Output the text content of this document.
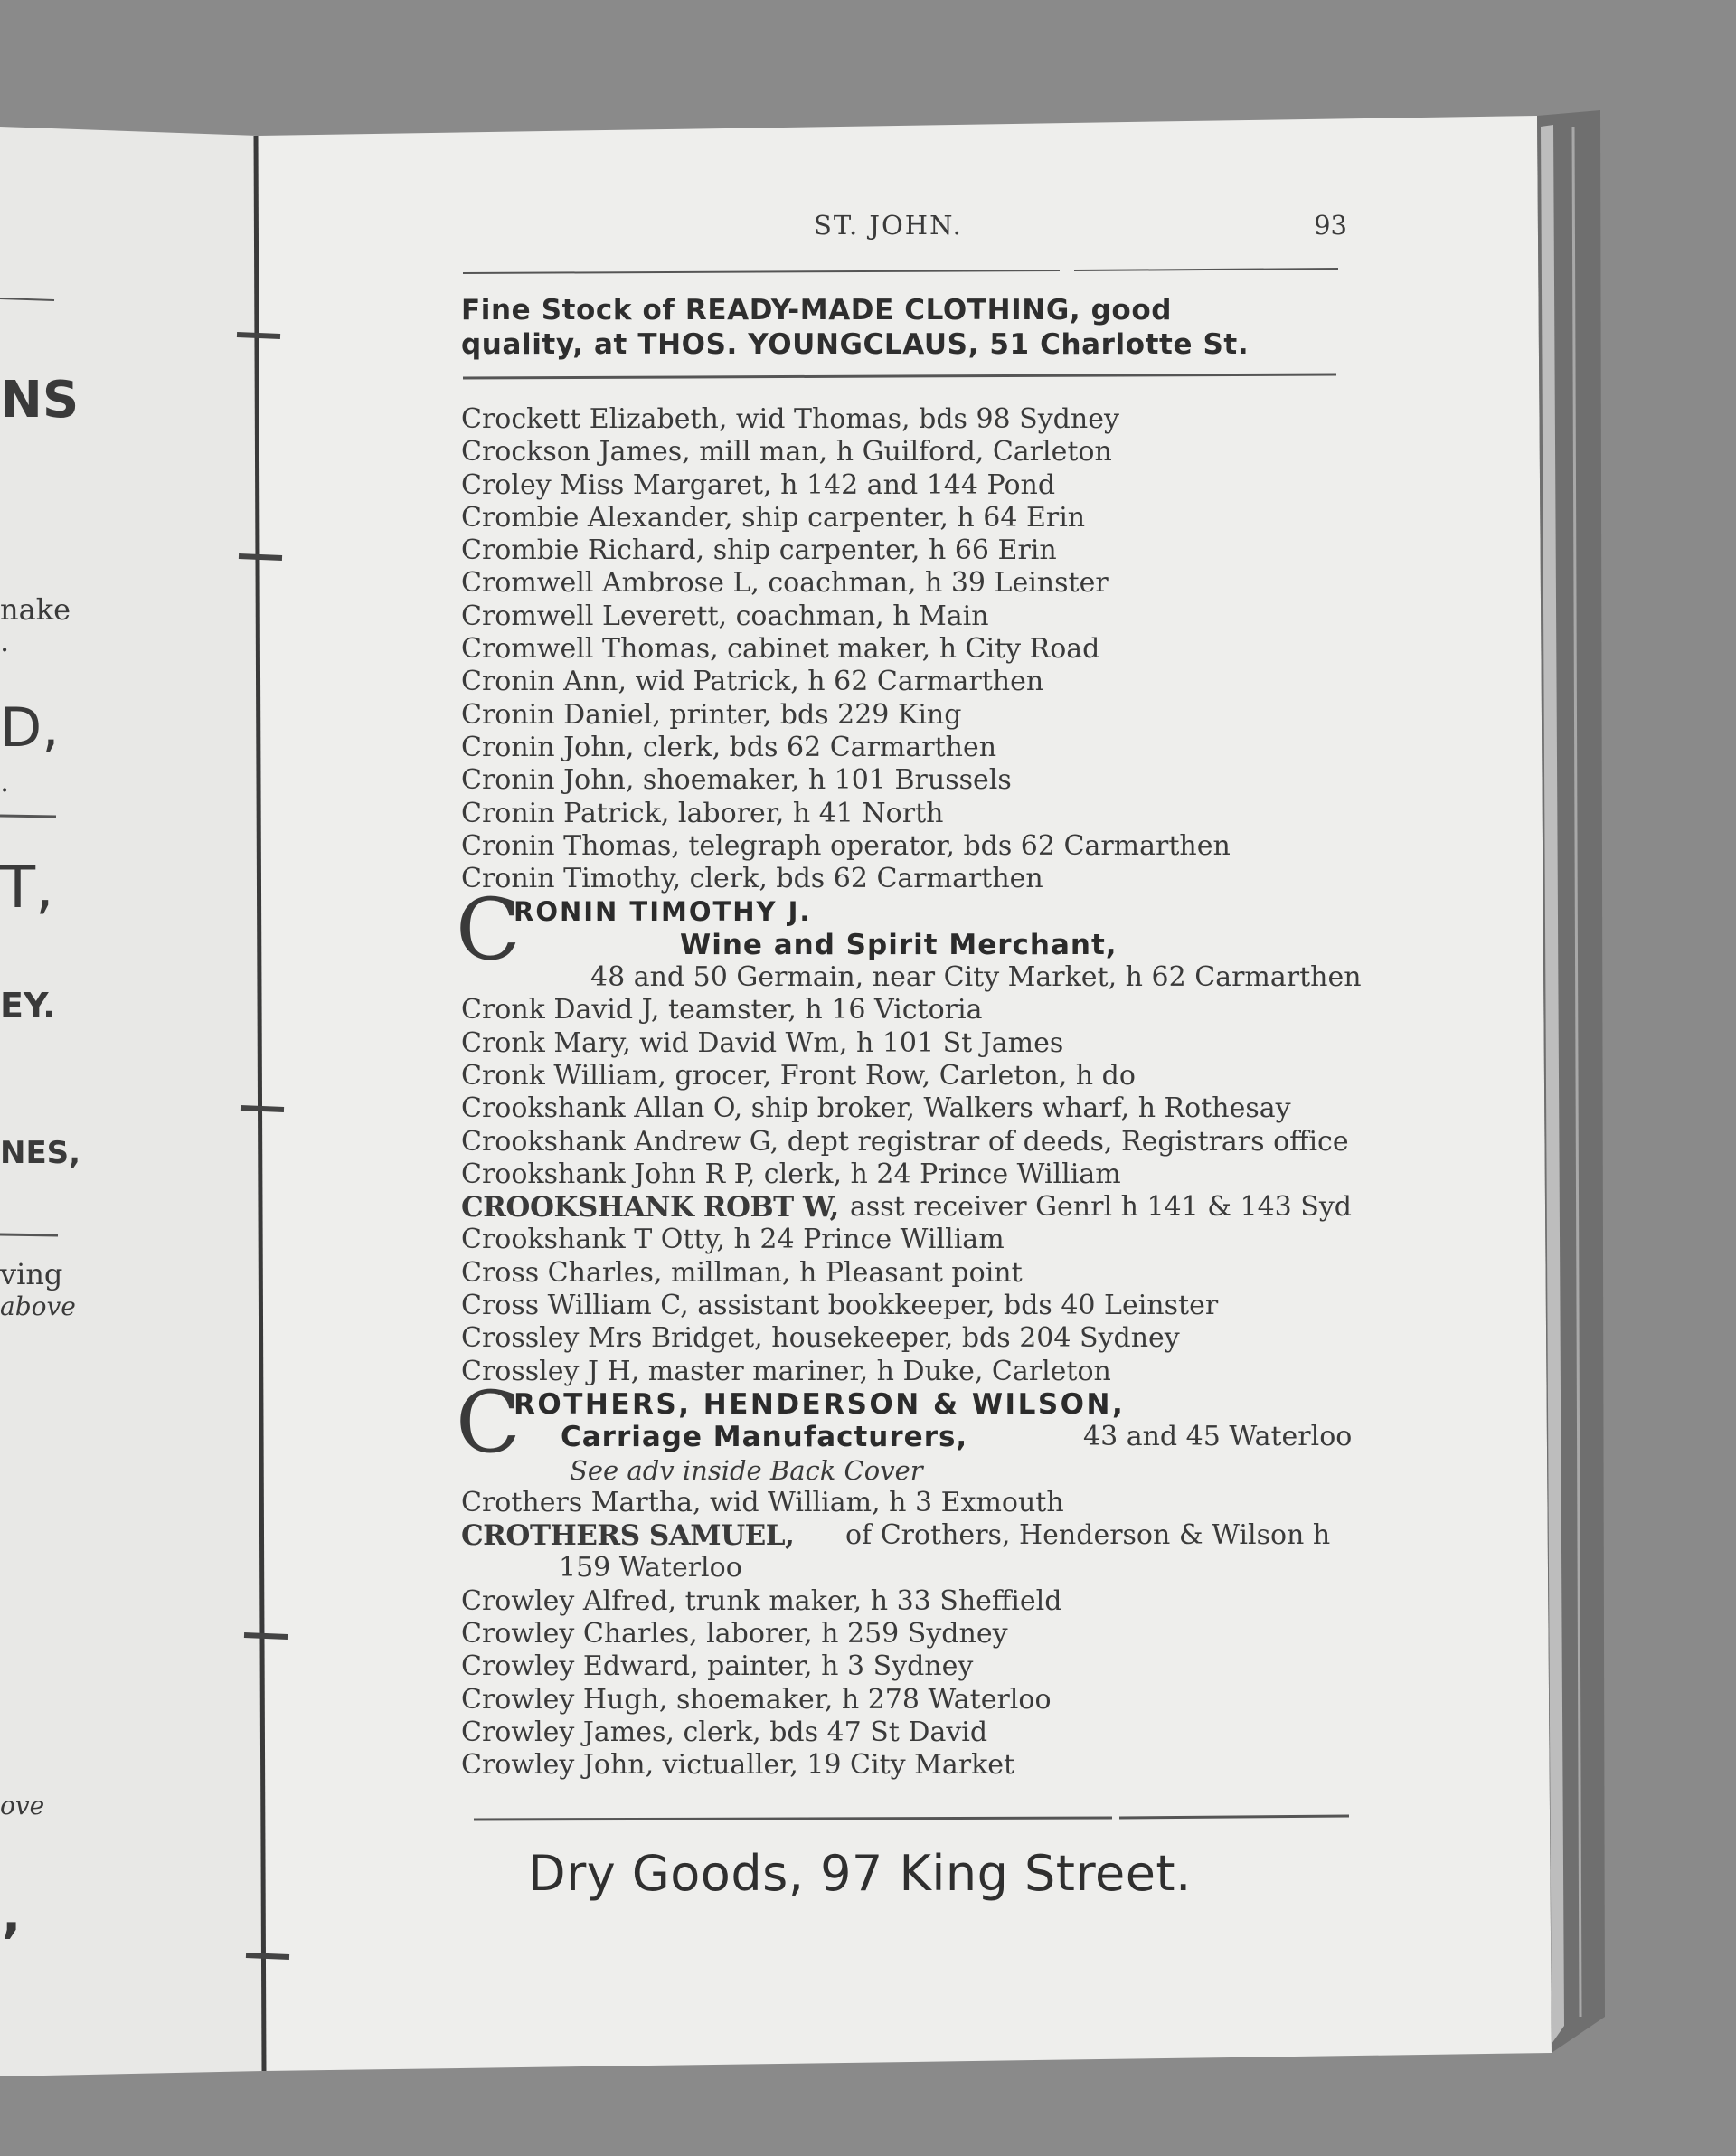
NS
nake
.
D,
.
T,
EY.
NES,
ving
above
ove
,
ST. JOHN.	93
Fine Stock of READY-MADE CLOTHING, good
quality, at THOS. YOUNGCLAUS, 51 Charlotte St.
Crockett Elizabeth, wid Thomas, bds 98 Sydney
Crockson James, mill man, h Guilford, Carleton
Croley Miss Margaret, h 142 and 144 Pond
Crombie Alexander, ship carpenter, h 64 Erin
Crombie Richard, ship carpenter, h 66 Erin
Cromwell Ambrose L, coachman, h 39 Leinster
Cromwell Leverett, coachman, h Main
Cromwell Thomas, cabinet maker, h City Road
Cronin Ann, wid Patrick, h 62 Carmarthen
Cronin Daniel, printer, bds 229 King
Cronin John, clerk, bds 62 Carmarthen
Cronin John, shoemaker, h 101 Brussels
Cronin Patrick, laborer, h 41 North
Cronin Thomas, telegraph operator, bds 62 Carmarthen
Cronin Timothy, clerk, bds 62 Carmarthen
C
RONIN TIMOTHY J.
Wine and Spirit Merchant,
48 and 50 Germain, near City Market, h 62 Carmarthen
Cronk David J, teamster, h 16 Victoria
Cronk Mary, wid David Wm, h 101 St James
Cronk William, grocer, Front Row, Carleton, h do
Crookshank Allan O, ship broker, Walkers wharf, h Rothesay
Crookshank Andrew G, dept registrar of deeds, Registrars office
Crookshank John R P, clerk, h 24 Prince William
CROOKSHANK ROBT W, asst receiver Genrl h 141 & 143 Syd
Crookshank T Otty, h 24 Prince William
Cross Charles, millman, h Pleasant point
Cross William C, assistant bookkeeper, bds 40 Leinster
Crossley Mrs Bridget, housekeeper, bds 204 Sydney
Crossley J H, master mariner, h Duke, Carleton
C
ROTHERS, HENDERSON & WILSON,
Carriage Manufacturers,	43 and 45 Waterloo
See adv inside Back Cover
Crothers Martha, wid William, h 3 Exmouth
CROTHERS SAMUEL, of Crothers, Henderson & Wilson h
159 Waterloo
Crowley Alfred, trunk maker, h 33 Sheffield
Crowley Charles, laborer, h 259 Sydney
Crowley Edward, painter, h 3 Sydney
Crowley Hugh, shoemaker, h 278 Waterloo
Crowley James, clerk, bds 47 St David
Crowley John, victualler, 19 City Market
Dry Goods, 97 King Street.
